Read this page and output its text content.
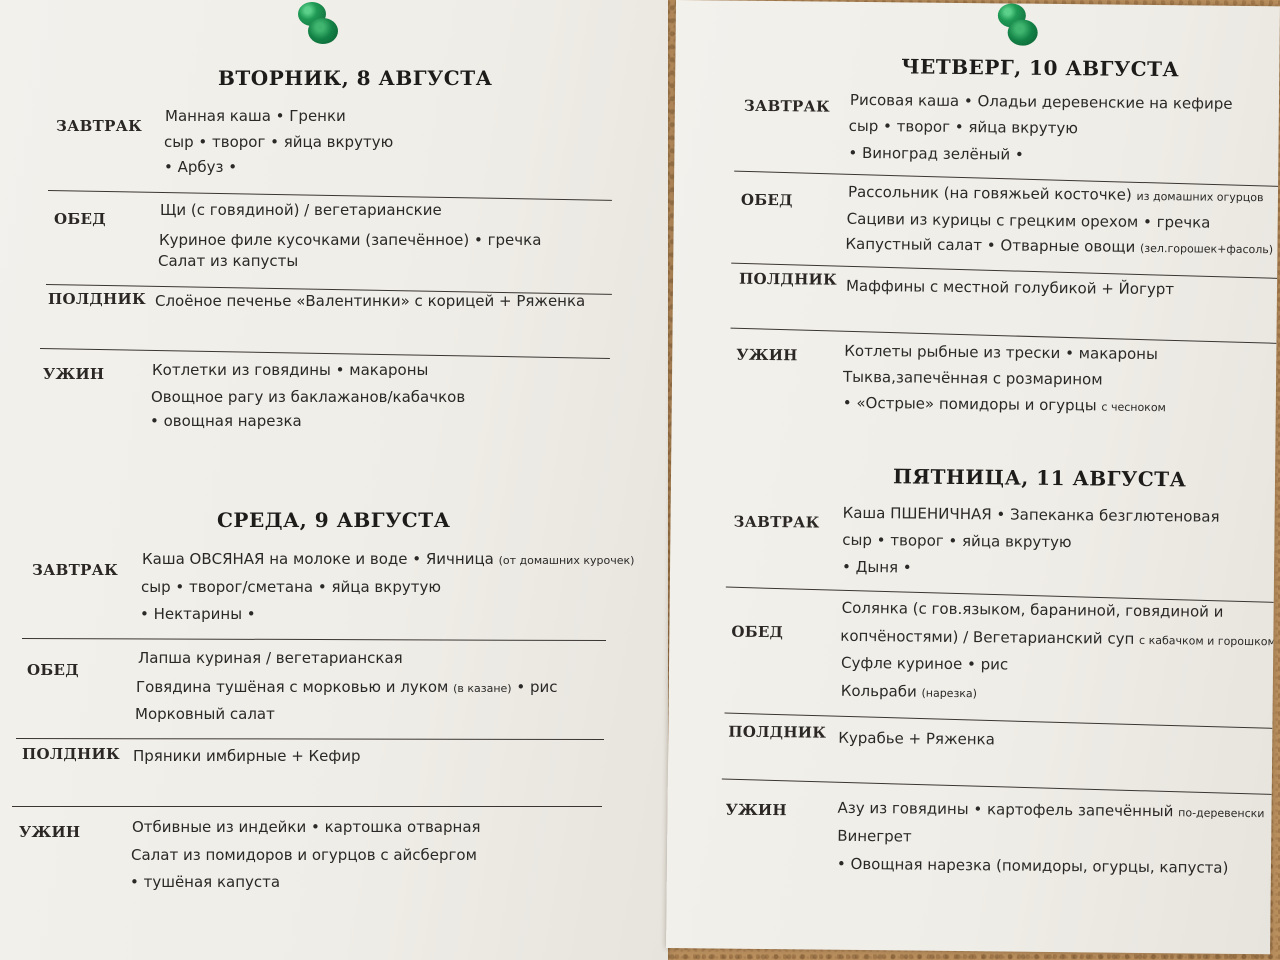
ВТОРНИК, 8 АВГУСТА
ЗАВТРАК
Манная каша • Гренки
сыр • творог • яйца вкрутую
• Арбуз •
ОБЕД	Щи (с говядиной) / вегетарианские
Куриное филе кусочками (запечённое) • гречка
Салат из капусты
ПОЛДНИК Слоёное печенье «Валентинки» с корицей + Ряженка
УЖИН	Котлетки из говядины • макароны
Овощное рагу из баклажанов/кабачков
• овощная нарезка
СРЕДА, 9 АВГУСТА
ЗАВТРАК
Каша ОВСЯНАЯ на молоке и воде • Яичница (от домашних курочек)
сыр • творог/сметана • яйца вкрутую
• Нектарины •
ОБЕД
Лапша куриная / вегетарианская
Говядина тушёная с морковью и луком (в казане) • рис
Морковный салат
ПОЛДНИК Пряники имбирные + Кефир
УЖИН	Отбивные из индейки • картошка отварная
Салат из помидоров и огурцов с айсбергом
• тушёная капуста
ЧЕТВЕРГ, 10 АВГУСТА
ЗАВТРАК Рисовая каша • Оладьи деревенские на кефире
сыр • творог • яйца вкрутую
• Виноград зелёный •
ОБЕД	Рассольник (на говяжьей косточке) из домашних огурцов
Сациви из курицы с грецким орехом • гречка
Капустный салат • Отварные овощи (зел.горошек+фасоль)
ПОЛДНИК Маффины с местной голубикой + Йогурт
УЖИН	Котлеты рыбные из трески • макароны
Тыква,запечённая с розмарином
• «Острые» помидоры и огурцы с чесноком
ПЯТНИЦА, 11 АВГУСТА
ЗАВТРАК Каша ПШЕНИЧНАЯ • Запеканка безглютеновая
сыр • творог • яйца вкрутую
• Дыня •
ОБЕД
Солянка (с гов.языком, бараниной, говядиной и
копчёностями) / Вегетарианский суп с кабачком и горошком
Суфле куриное • рис
Кольраби (нарезка)
ПОЛДНИК Курабье + Ряженка
УЖИН	Азу из говядины • картофель запечённый по-деревенски
Винегрет
• Овощная нарезка (помидоры, огурцы, капуста)
